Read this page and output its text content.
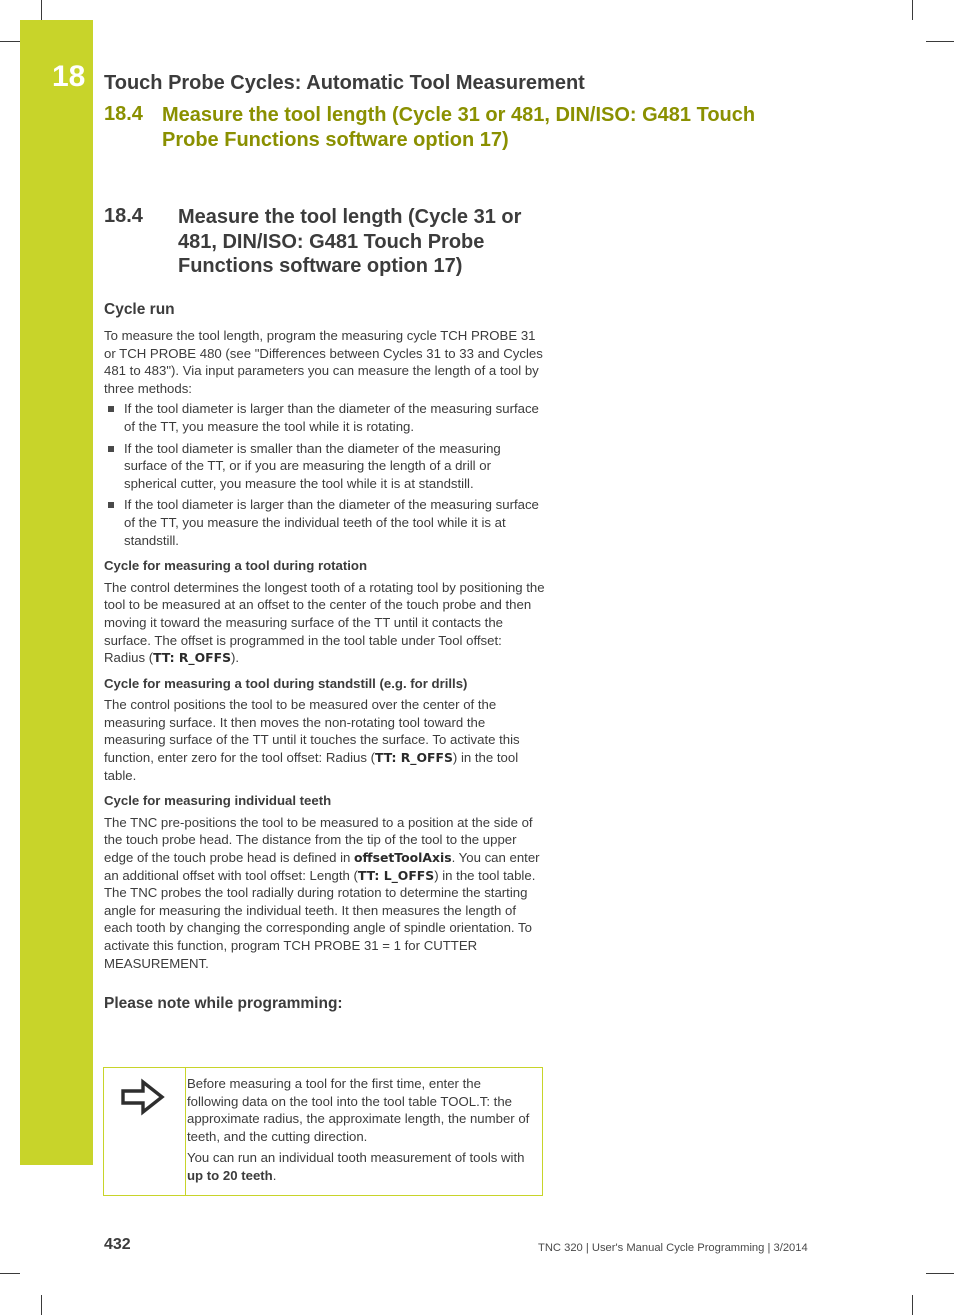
18 Touch Probe Cycles: Automatic Tool Measurement
18.4 Measure the tool length (Cycle 31 or 481, DIN/ISO: G481 Touch Probe Functions software option 17)
18.4 Measure the tool length (Cycle 31 or 481, DIN/ISO: G481 Touch Probe Functions software option 17)
Cycle run

To measure the tool length, program the measuring cycle TCH PROBE 31 or TCH PROBE 480 (see "Differences between Cycles 31 to 33 and Cycles 481 to 483"). Via input parameters you can measure the length of a tool by three methods:

If the tool diameter is larger than the diameter of the measuring surface of the TT, you measure the tool while it is rotating.
If the tool diameter is smaller than the diameter of the measuring surface of the TT, or if you are measuring the length of a drill or spherical cutter, you measure the tool while it is at standstill.
If the tool diameter is larger than the diameter of the measuring surface of the TT, you measure the individual teeth of the tool while it is at standstill.
Cycle for measuring a tool during rotation

The control determines the longest tooth of a rotating tool by positioning the tool to be measured at an offset to the center of the touch probe and then moving it toward the measuring surface of the TT until it contacts the surface. The offset is programmed in the tool table under Tool offset: Radius (TT: R_OFFS).

Cycle for measuring a tool during standstill (e.g. for drills)

The control positions the tool to be measured over the center of the measuring surface. It then moves the non-rotating tool toward the measuring surface of the TT until it touches the surface. To activate this function, enter zero for the tool offset: Radius (TT: R_OFFS) in the tool table.

Cycle for measuring individual teeth

The TNC pre-positions the tool to be measured to a position at the side of the touch probe head. The distance from the tip of the tool to the upper edge of the touch probe head is defined in offsetToolAxis. You can enter an additional offset with tool offset: Length (TT: L_OFFS) in the tool table. The TNC probes the tool radially during rotation to determine the starting angle for measuring the individual teeth. It then measures the length of each tooth by changing the corresponding angle of spindle orientation. To activate this function, program TCH PROBE 31 = 1 for CUTTER MEASUREMENT.

Please note while programming:

Before measuring a tool for the first time, enter the following data on the tool into the tool table TOOL.T: the approximate radius, the approximate length, the number of teeth, and the cutting direction.

You can run an individual tooth measurement of tools with up to 20 teeth.

432	TNC 320 | User's Manual Cycle Programming | 3/2014
